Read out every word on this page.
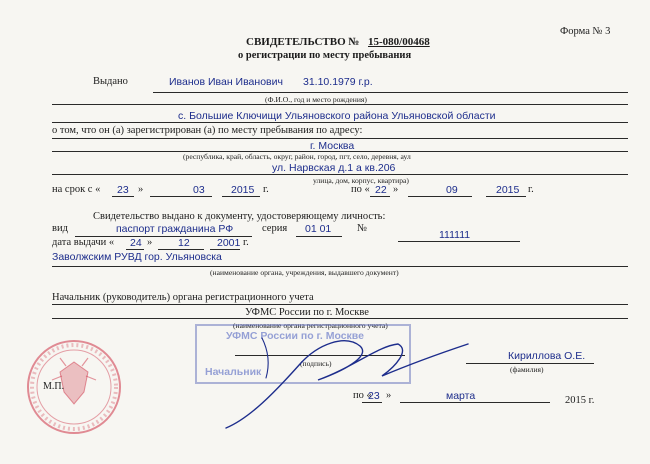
Форма № 3
СВИДЕТЕЛЬСТВО № 15-080/00468
о регистрации по месту пребывания
Выдано	Иванов Иван Иванович 31.10.1979 г.р.
(Ф.И.О., год и место рождения)
с. Большие Ключищи Ульяновского района Ульяновской области
о том, что он (а) зарегистрирован (а) по месту пребывания по адресу:
г. Москва
(республика, край, область, округ, район, город, пгт, село, деревня, аул
ул. Нарвская д.1 а кв.206
улица, дом, корпус, квартира)
на срок с « 23 »	03	2015 г.	по « 22 »	09	2015 г.
Свидетельство выдано к документу, удостоверяющему личность:
вид	паспорт гражданина РФ	серия 01 01 №
111111
дата выдачи « 24 » 12	2001 г.
Заволжским РУВД гор. Ульяновска
(наименование органа, учреждения, выдавшего документ)
Начальник (руководитель) органа регистрационного учета
УФМС России по г. Москве
(наименование органа регистрационного учета)
УФМС России по г. Москве
Начальник
(подпись)
Кириллова О.Е.
(фамилия)
по «
23 »	марта	2015 г.
М.П.
